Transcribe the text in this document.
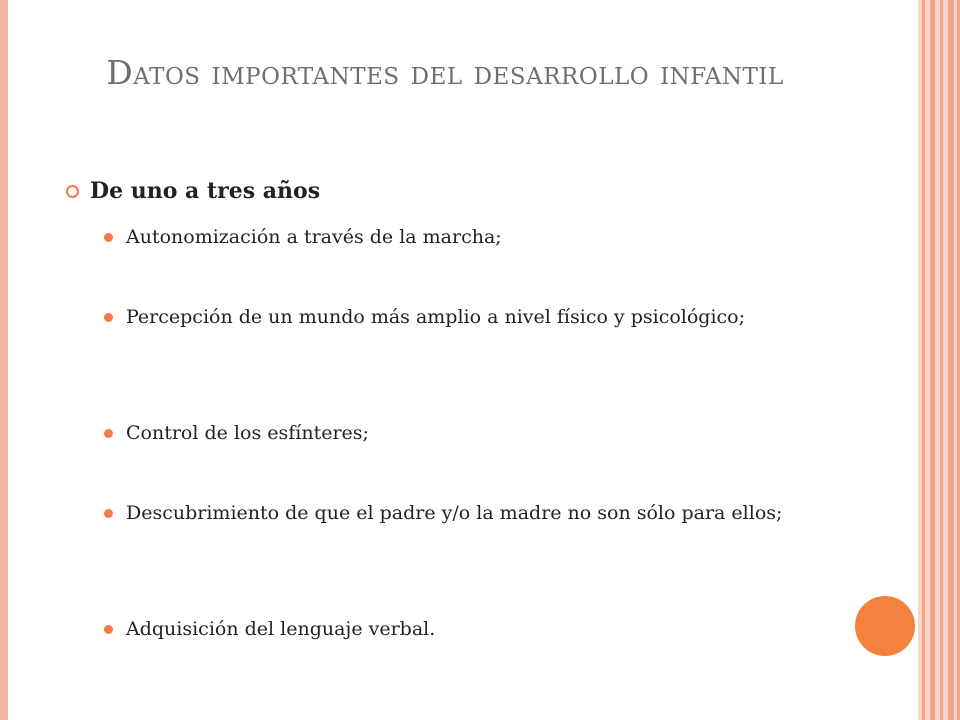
Datos importantes del desarrollo infantil
De uno a tres años
Autonomización a través de la marcha;
Percepción de un mundo más amplio a nivel físico y psicológico;
Control de los esfínteres;
Descubrimiento de que el padre y/o la madre no son sólo para ellos;
Adquisición del lenguaje verbal.
